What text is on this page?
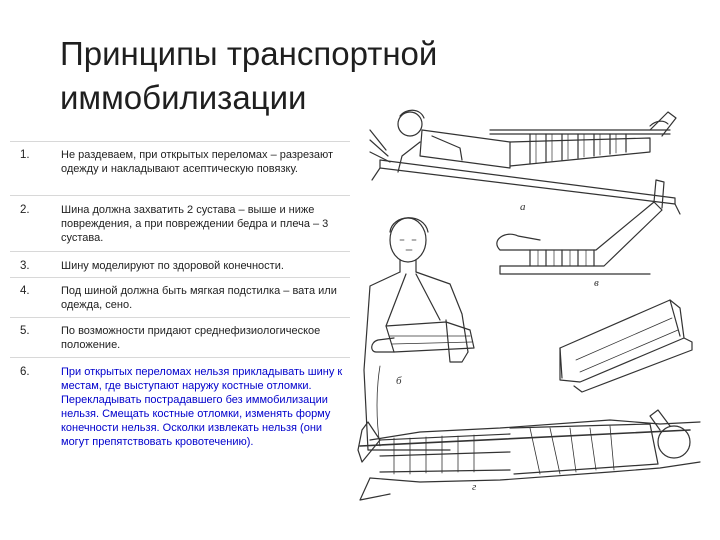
Принципы транспортной
иммобилизации
1.	Не раздеваем, при открытых переломах – разрезают одежду и накладывают асептическую повязку.
2.	Шина должна захватить 2 сустава – выше и ниже повреждения, а при повреждении бедра и плеча – 3 сустава.
3.	Шину моделируют по здоровой конечности.
4.	Под шиной должна быть мягкая подстилка – вата или одежда, сено.
5.	По возможности придают среднефизиологическое положение.
6.	При открытых переломах нельзя прикладывать шину к местам, где выступают наружу костные отломки. Перекладывать пострадавшего без иммобилизации нельзя. Смещать костные отломки, изменять форму конечности нельзя. Осколки извлекать нельзя (они могут препятствовать кровотечению).
а
б
в
г
